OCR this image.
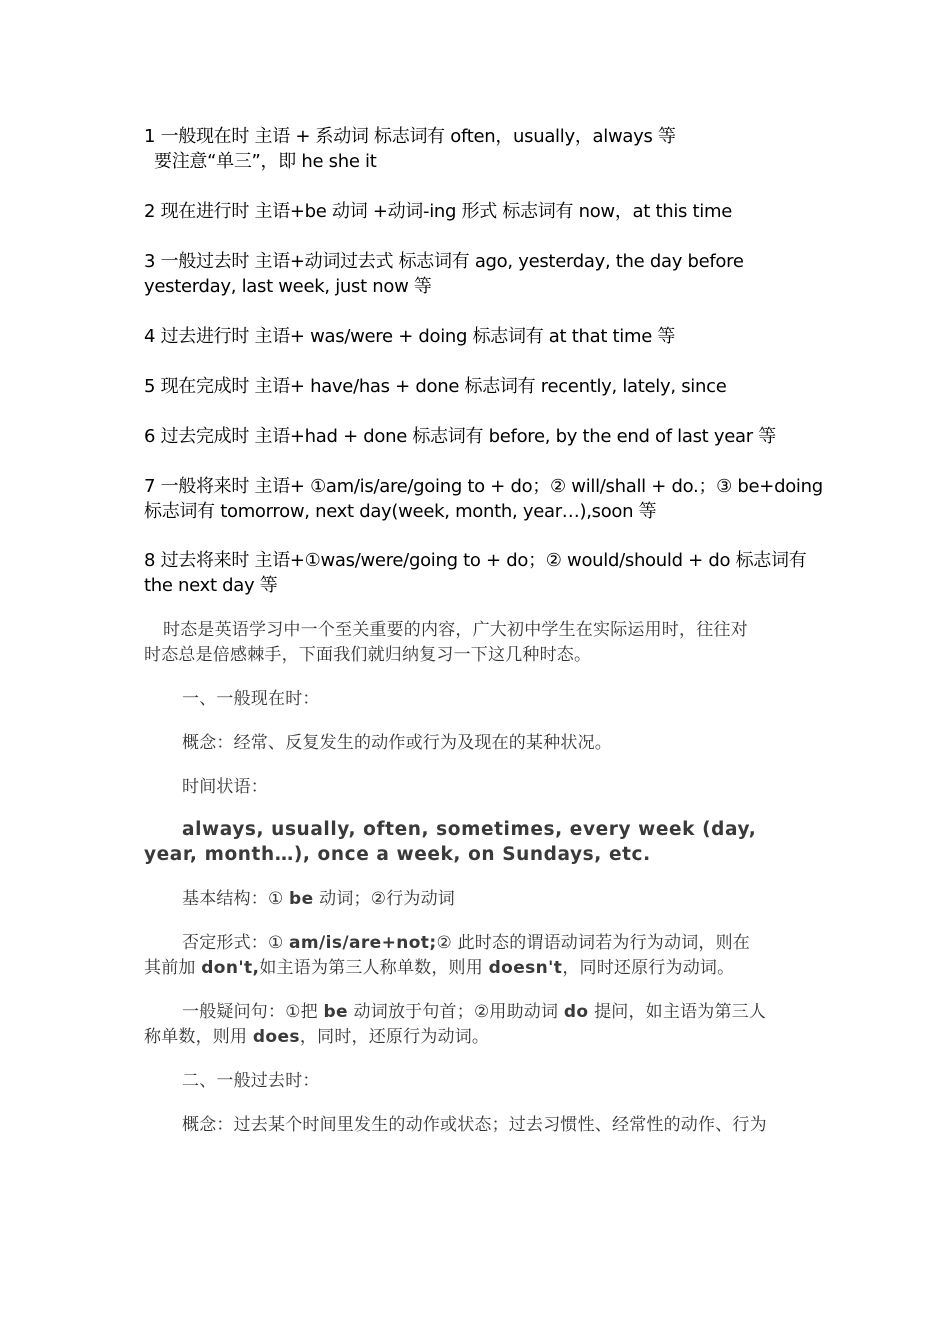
1 一般现在时 主语 + 系动词 标志词有 often，usually，always 等
要注意“单三”，即 he she it
2 现在进行时 主语+be 动词 +动词-ing 形式 标志词有 now，at this time
3 一般过去时 主语+动词过去式 标志词有 ago, yesterday, the day before
yesterday, last week, just now 等
4 过去进行时 主语+ was/were + doing 标志词有 at that time 等
5 现在完成时 主语+ have/has + done 标志词有 recently, lately, since
6 过去完成时 主语+had + done 标志词有 before, by the end of last year 等
7 一般将来时 主语+ ①am/is/are/going to + do；② will/shall + do.；③ be+doing
标志词有 tomorrow, next day(week, month, year…),soon 等
8 过去将来时 主语+①was/were/going to + do；② would/should + do 标志词有
the next day 等
时态是英语学习中一个至关重要的内容，广大初中学生在实际运用时，往往对
时态总是倍感棘手，下面我们就归纳复习一下这几种时态。
一、一般现在时：
概念：经常、反复发生的动作或行为及现在的某种状况。
时间状语：
always, usually, often, sometimes, every week (day,
year, month…), once a week, on Sundays, etc.
基本结构：① be 动词；②行为动词
否定形式：① am/is/are+not;② 此时态的谓语动词若为行为动词，则在
其前加 don't,如主语为第三人称单数，则用 doesn't，同时还原行为动词。
一般疑问句：①把 be 动词放于句首；②用助动词 do 提问，如主语为第三人
称单数，则用 does，同时，还原行为动词。
二、一般过去时：
概念：过去某个时间里发生的动作或状态；过去习惯性、经常性的动作、行为
